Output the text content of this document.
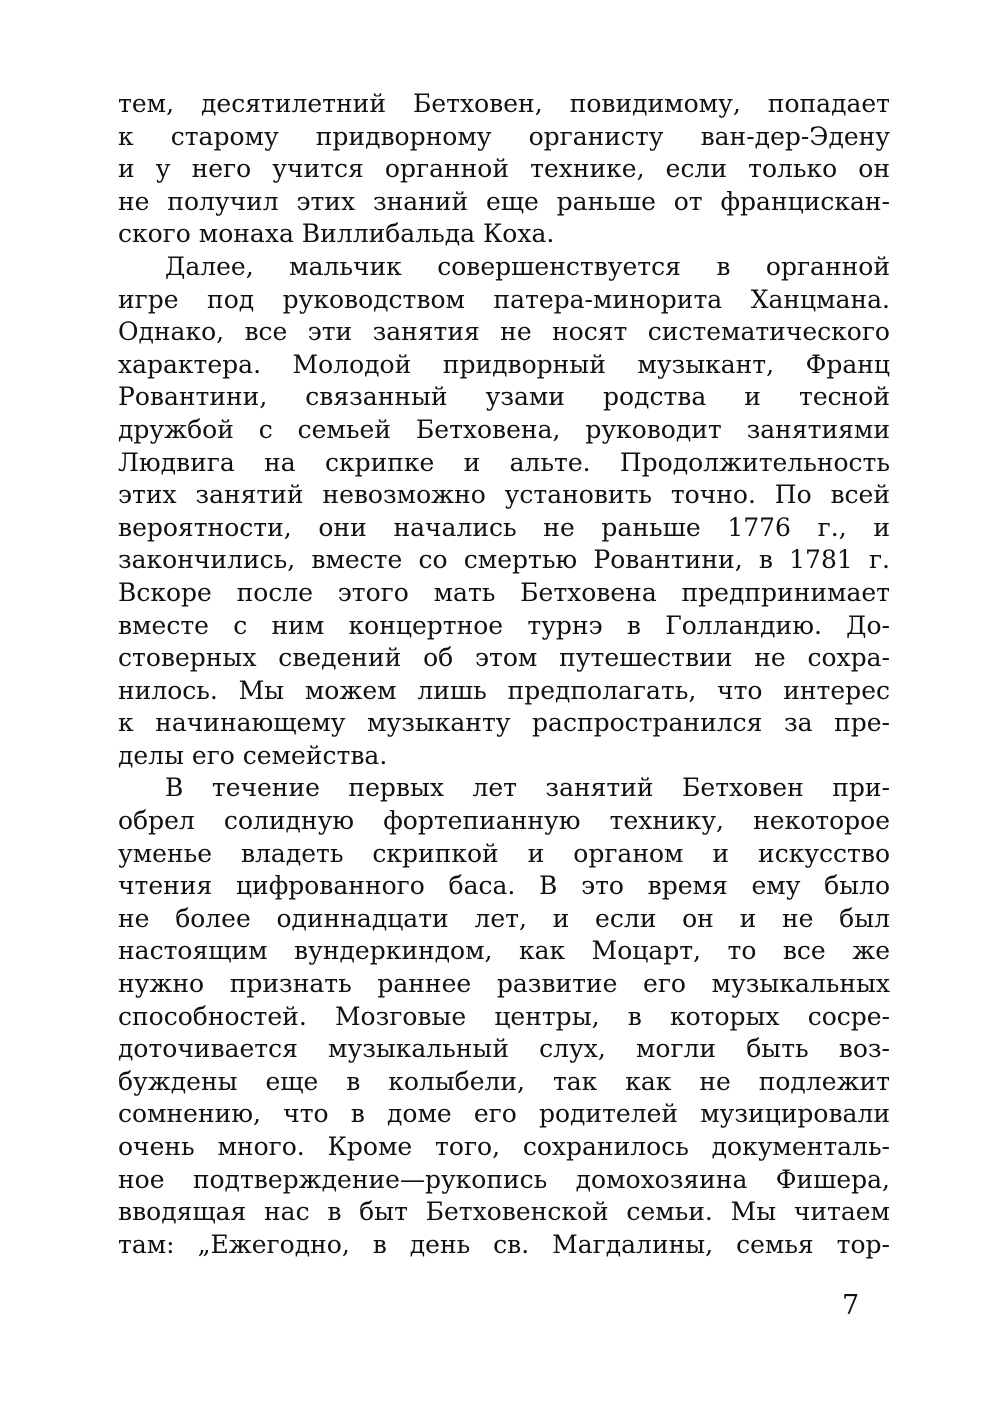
тем, десятилетний Бетховен, повидимому, попадает
к старому придворному органисту ван-дер-Эдену
и у него учится органной технике, если только он
не получил этих знаний еще раньше от францискан-
ского монаха Виллибальда Коха.
Далее, мальчик совершенствуется в органной
игре под руководством патера-минорита Ханцмана.
Однако, все эти занятия не носят систематического
характера. Молодой придворный музыкант, Франц
Ровантини, связанный узами родства и тесной
дружбой с семьей Бетховена, руководит занятиями
Людвига на скрипке и альте. Продолжительность
этих занятий невозможно установить точно. По всей
вероятности, они начались не раньше 1776 г., и
закончились, вместе со смертью Ровантини, в 1781 г.
Вскоре после этого мать Бетховена предпринимает
вместе с ним концертное турнэ в Голландию. До-
стоверных сведений об этом путешествии не сохра-
нилось. Мы можем лишь предполагать, что интерес
к начинающему музыканту распространился за пре-
делы его семейства.
В течение первых лет занятий Бетховен при-
обрел солидную фортепианную технику, некоторое
уменье владеть скрипкой и органом и искусство
чтения цифрованного баса. В это время ему было
не более одиннадцати лет, и если он и не был
настоящим вундеркиндом, как Моцарт, то все же
нужно признать раннее развитие его музыкальных
способностей. Мозговые центры, в которых сосре-
доточивается музыкальный слух, могли быть воз-
буждены еще в колыбели, так как не подлежит
сомнению, что в доме его родителей музицировали
очень много. Кроме того, сохранилось документаль-
ное подтверждение—рукопись домохозяина Фишера,
вводящая нас в быт Бетховенской семьи. Мы читаем
там: „Ежегодно, в день св. Магдалины, семья тор-
7
